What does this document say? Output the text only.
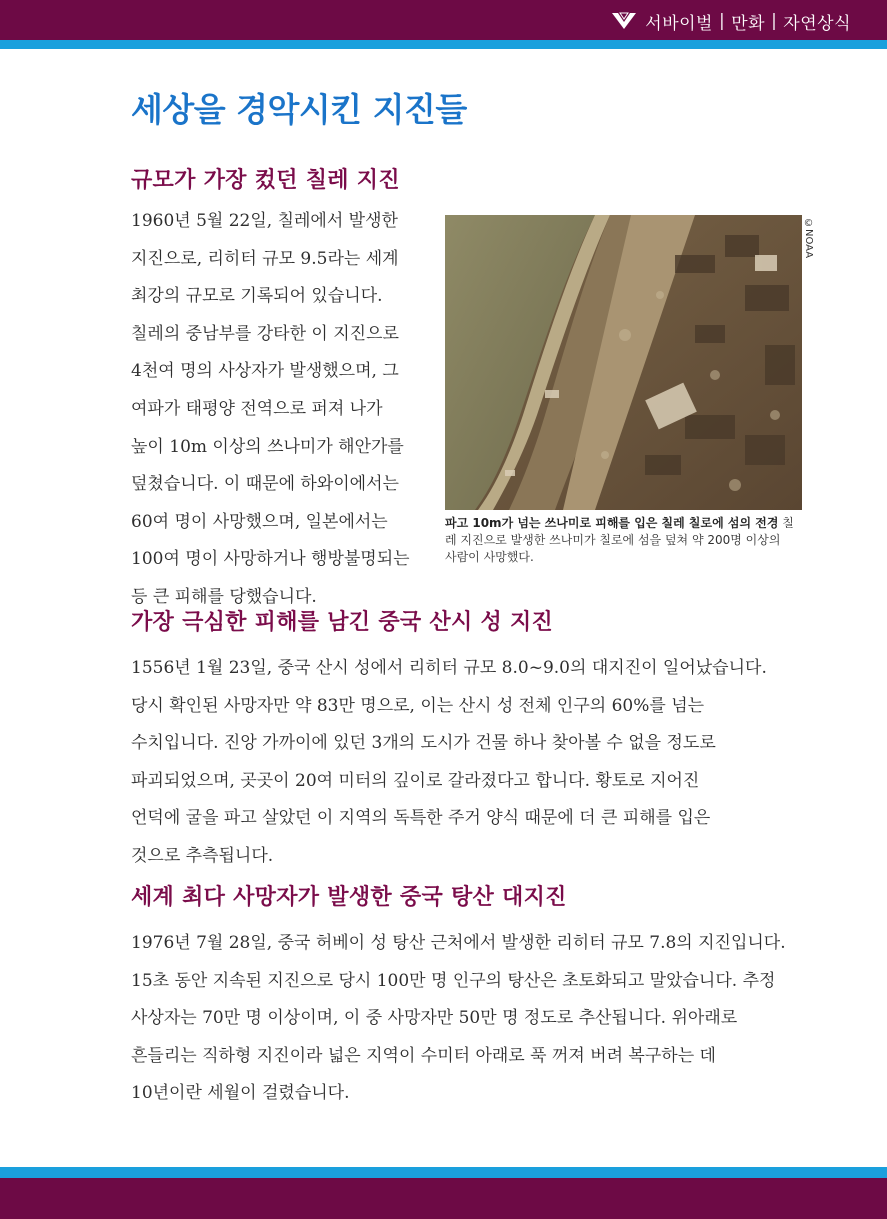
서바이벌 | 만화 | 자연상식
세상을 경악시킨 지진들
규모가 가장 컸던 칠레 지진

1960년 5월 22일, 칠레에서 발생한
지진으로, 리히터 규모 9.5라는 세계
최강의 규모로 기록되어 있습니다.
칠레의 중남부를 강타한 이 지진으로
4천여 명의 사상자가 발생했으며, 그
여파가 태평양 전역으로 퍼져 나가
높이 10m 이상의 쓰나미가 해안가를
덮쳤습니다. 이 때문에 하와이에서는
60여 명이 사망했으며, 일본에서는
100여 명이 사망하거나 행방불명되는
등 큰 피해를 당했습니다.

©NOAA
파고 10m가 넘는 쓰나미로 피해를 입은 칠레 칠로에 섬의 전경 칠레 지진으로 발생한 쓰나미가 칠로에 섬을 덮쳐 약 200명 이상의 사람이 사망했다.
가장 극심한 피해를 남긴 중국 산시 성 지진

1556년 1월 23일, 중국 산시 성에서 리히터 규모 8.0~9.0의 대지진이 일어났습니다.
당시 확인된 사망자만 약 83만 명으로, 이는 산시 성 전체 인구의 60%를 넘는
수치입니다. 진앙 가까이에 있던 3개의 도시가 건물 하나 찾아볼 수 없을 정도로
파괴되었으며, 곳곳이 20여 미터의 깊이로 갈라졌다고 합니다. 황토로 지어진
언덕에 굴을 파고 살았던 이 지역의 독특한 주거 양식 때문에 더 큰 피해를 입은
것으로 추측됩니다.

세계 최다 사망자가 발생한 중국 탕산 대지진

1976년 7월 28일, 중국 허베이 성 탕산 근처에서 발생한 리히터 규모 7.8의 지진입니다.
15초 동안 지속된 지진으로 당시 100만 명 인구의 탕산은 초토화되고 말았습니다. 추정
사상자는 70만 명 이상이며, 이 중 사망자만 50만 명 정도로 추산됩니다. 위아래로
흔들리는 직하형 지진이라 넓은 지역이 수미터 아래로 푹 꺼져 버려 복구하는 데
10년이란 세월이 걸렸습니다.
